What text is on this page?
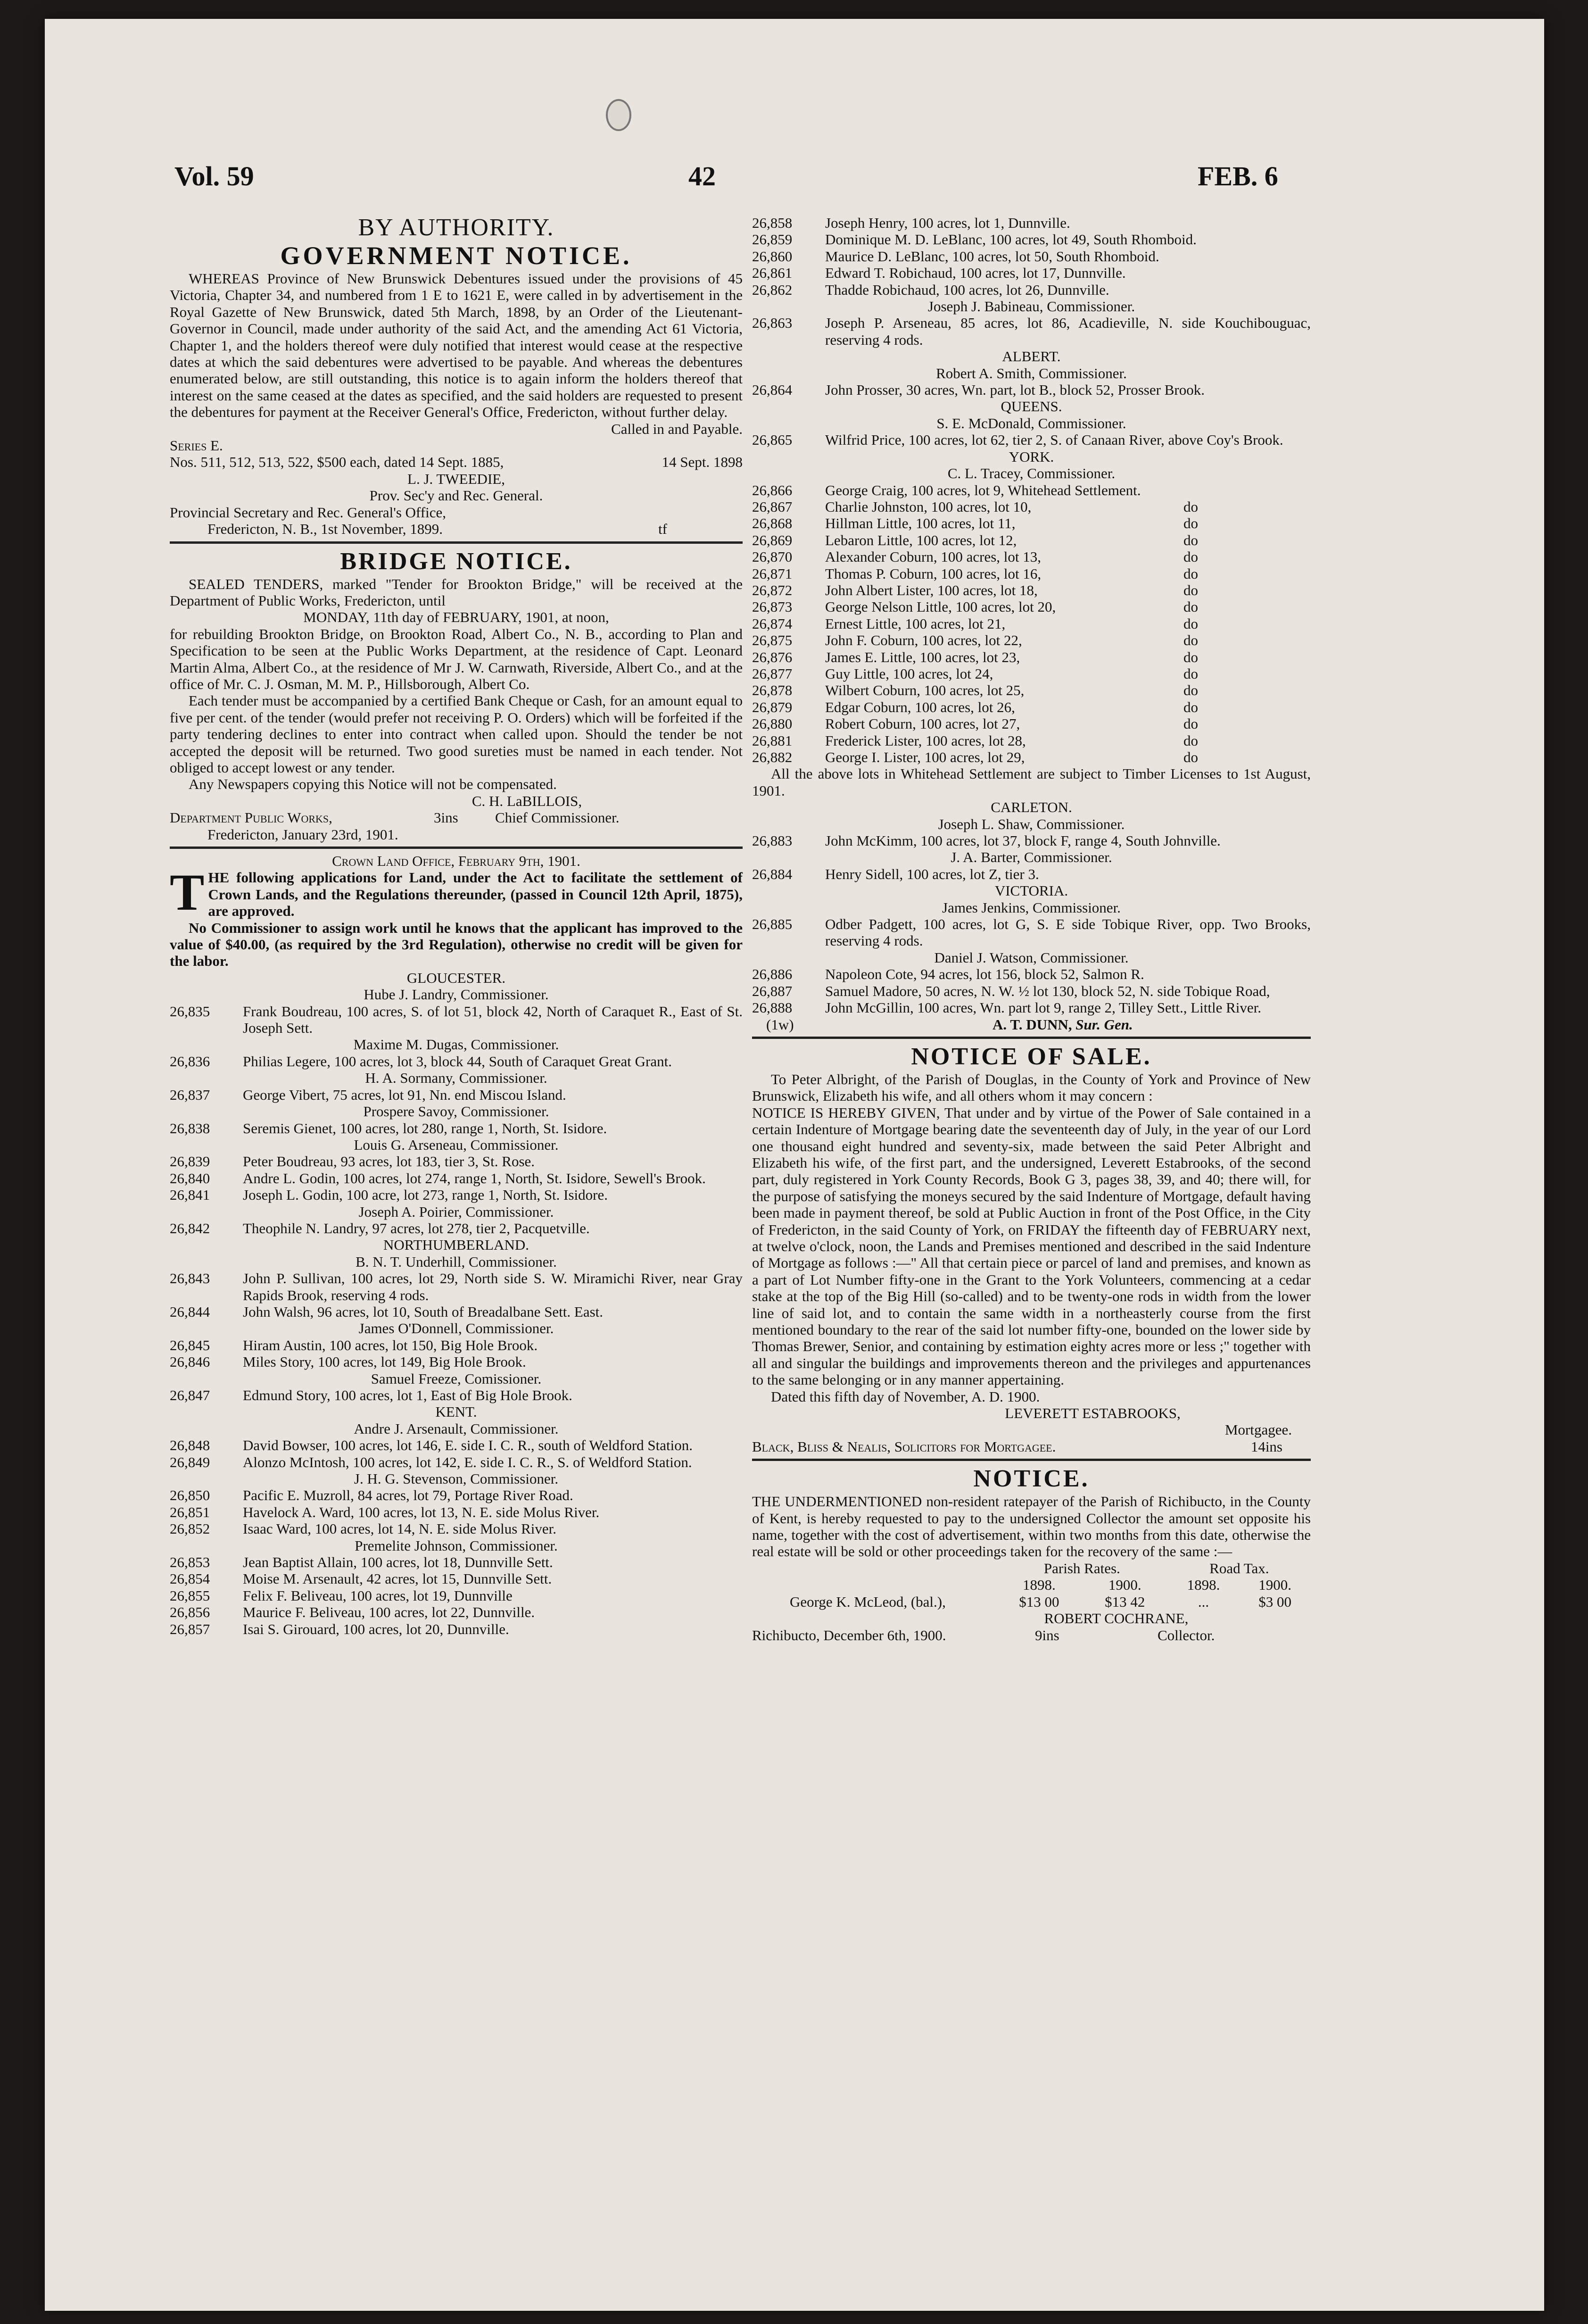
Vol. 59	42	FEB. 6

BY AUTHORITY.

GOVERNMENT NOTICE.

WHEREAS Province of New Brunswick Debentures issued under the provisions of 45 Victoria, Chapter 34, and numbered from 1 E to 1621 E, were called in by advertisement in the Royal Gazette of New Brunswick, dated 5th March, 1898, by an Order of the Lieutenant-Governor in Council, made under authority of the said Act, and the amending Act 61 Victoria, Chapter 1, and the holders thereof were duly notified that interest would cease at the respective dates at which the said debentures were advertised to be payable. And whereas the debentures enumerated below, are still outstanding, this notice is to again inform the holders thereof that interest on the same ceased at the dates as specified, and the said holders are requested to present the debentures for payment at the Receiver General's Office, Fredericton, without further delay.

Called in and Payable.

Series E.

Nos. 511, 512, 513, 522, $500 each, dated 14 Sept. 1885,	14 Sept. 1898

L. J. TWEEDIE,

Prov. Sec'y and Rec. General.

Provincial Secretary and Rec. General's Office,

Fredericton, N. B., 1st November, 1899.	tf

BRIDGE NOTICE.

SEALED TENDERS, marked "Tender for Brookton Bridge," will be received at the Department of Public Works, Fredericton, until

MONDAY, 11th day of FEBRUARY, 1901, at noon,

for rebuilding Brookton Bridge, on Brookton Road, Albert Co., N. B., according to Plan and Specification to be seen at the Public Works Department, at the residence of Capt. Leonard Martin Alma, Albert Co., at the residence of Mr J. W. Carnwath, Riverside, Albert Co., and at the office of Mr. C. J. Osman, M. M. P., Hillsborough, Albert Co.

Each tender must be accompanied by a certified Bank Cheque or Cash, for an amount equal to five per cent. of the tender (would prefer not receiving P. O. Orders) which will be forfeited if the party tendering declines to enter into contract when called upon. Should the tender be not accepted the deposit will be returned. Two good sureties must be named in each tender. Not obliged to accept lowest or any tender.

Any Newspapers copying this Notice will not be compensated.

C. H. LaBILLOIS,

Department Public Works,	3ins	Chief Commissioner.

Fredericton, January 23rd, 1901.

Crown Land Office, February 9th, 1901.

THE following applications for Land, under the Act to facilitate the settlement of Crown Lands, and the Regulations thereunder, (passed in Council 12th April, 1875), are approved.

No Commissioner to assign work until he knows that the applicant has improved to the value of $40.00, (as required by the 3rd Regulation), otherwise no credit will be given for the labor.

GLOUCESTER.

Hube J. Landry, Commissioner.

26,835	Frank Boudreau, 100 acres, S. of lot 51, block 42, North of Caraquet R., East of St. Joseph Sett.

Maxime M. Dugas, Commissioner.

26,836	Philias Legere, 100 acres, lot 3, block 44, South of Caraquet Great Grant.

H. A. Sormany, Commissioner.

26,837	George Vibert, 75 acres, lot 91, Nn. end Miscou Island.

Prospere Savoy, Commissioner.

26,838	Seremis Gienet, 100 acres, lot 280, range 1, North, St. Isidore.

Louis G. Arseneau, Commissioner.

26,839	Peter Boudreau, 93 acres, lot 183, tier 3, St. Rose.
26,840	Andre L. Godin, 100 acres, lot 274, range 1, North, St. Isidore, Sewell's Brook.
26,841	Joseph L. Godin, 100 acre, lot 273, range 1, North, St. Isidore.

Joseph A. Poirier, Commissioner.

26,842	Theophile N. Landry, 97 acres, lot 278, tier 2, Pacquetville.

NORTHUMBERLAND.

B. N. T. Underhill, Commissioner.

26,843	John P. Sullivan, 100 acres, lot 29, North side S. W. Miramichi River, near Gray Rapids Brook, reserving 4 rods.
26,844	John Walsh, 96 acres, lot 10, South of Breadalbane Sett. East.

James O'Donnell, Commissioner.

26,845	Hiram Austin, 100 acres, lot 150, Big Hole Brook.
26,846	Miles Story, 100 acres, lot 149, Big Hole Brook.

Samuel Freeze, Comissioner.

26,847	Edmund Story, 100 acres, lot 1, East of Big Hole Brook.

KENT.

Andre J. Arsenault, Commissioner.

26,848	David Bowser, 100 acres, lot 146, E. side I. C. R., south of Weldford Station.
26,849	Alonzo McIntosh, 100 acres, lot 142, E. side I. C. R., S. of Weldford Station.

J. H. G. Stevenson, Commissioner.

26,850	Pacific E. Muzroll, 84 acres, lot 79, Portage River Road.
26,851	Havelock A. Ward, 100 acres, lot 13, N. E. side Molus River.
26,852	Isaac Ward, 100 acres, lot 14, N. E. side Molus River.

Premelite Johnson, Commissioner.

26,853	Jean Baptist Allain, 100 acres, lot 18, Dunnville Sett.
26,854	Moise M. Arsenault, 42 acres, lot 15, Dunnville Sett.
26,855	Felix F. Beliveau, 100 acres, lot 19, Dunnville
26,856	Maurice F. Beliveau, 100 acres, lot 22, Dunnville.
26,857	Isai S. Girouard, 100 acres, lot 20, Dunnville.
26,858	Joseph Henry, 100 acres, lot 1, Dunnville.
26,859	Dominique M. D. LeBlanc, 100 acres, lot 49, South Rhomboid.
26,860	Maurice D. LeBlanc, 100 acres, lot 50, South Rhomboid.
26,861	Edward T. Robichaud, 100 acres, lot 17, Dunnville.
26,862	Thadde Robichaud, 100 acres, lot 26, Dunnville.

Joseph J. Babineau, Commissioner.

26,863	Joseph P. Arseneau, 85 acres, lot 86, Acadieville, N. side Kouchibouguac, reserving 4 rods.

ALBERT.

Robert A. Smith, Commissioner.

26,864	John Prosser, 30 acres, Wn. part, lot B., block 52, Prosser Brook.

QUEENS.

S. E. McDonald, Commissioner.

26,865	Wilfrid Price, 100 acres, lot 62, tier 2, S. of Canaan River, above Coy's Brook.

YORK.

C. L. Tracey, Commissioner.

26,866	George Craig, 100 acres, lot 9, Whitehead Settlement.
26,867	Charlie Johnston, 100 acres, lot 10,	do
26,868	Hillman Little, 100 acres, lot 11,	do
26,869	Lebaron Little, 100 acres, lot 12,	do
26,870	Alexander Coburn, 100 acres, lot 13,	do
26,871	Thomas P. Coburn, 100 acres, lot 16,	do
26,872	John Albert Lister, 100 acres, lot 18,	do
26,873	George Nelson Little, 100 acres, lot 20,	do
26,874	Ernest Little, 100 acres, lot 21,	do
26,875	John F. Coburn, 100 acres, lot 22,	do
26,876	James E. Little, 100 acres, lot 23,	do
26,877	Guy Little, 100 acres, lot 24,	do
26,878	Wilbert Coburn, 100 acres, lot 25,	do
26,879	Edgar Coburn, 100 acres, lot 26,	do
26,880	Robert Coburn, 100 acres, lot 27,	do
26,881	Frederick Lister, 100 acres, lot 28,	do
26,882	George I. Lister, 100 acres, lot 29,	do

All the above lots in Whitehead Settlement are subject to Timber Licenses to 1st August, 1901.

CARLETON.

Joseph L. Shaw, Commissioner.

26,883	John McKimm, 100 acres, lot 37, block F, range 4, South Johnville.

J. A. Barter, Commissioner.

26,884	Henry Sidell, 100 acres, lot Z, tier 3.

VICTORIA.

James Jenkins, Commissioner.

26,885	Odber Padgett, 100 acres, lot G, S. E side Tobique River, opp. Two Brooks, reserving 4 rods.

Daniel J. Watson, Commissioner.

26,886	Napoleon Cote, 94 acres, lot 156, block 52, Salmon R.
26,887	Samuel Madore, 50 acres, N. W. ½ lot 130, block 52, N. side Tobique Road,
26,888	John McGillin, 100 acres, Wn. part lot 9, range 2, Tilley Sett., Little River.
(1w)	A. T. DUNN, Sur. Gen.

NOTICE OF SALE.

To Peter Albright, of the Parish of Douglas, in the County of York and Province of New Brunswick, Elizabeth his wife, and all others whom it may concern :

NOTICE IS HEREBY GIVEN, That under and by virtue of the Power of Sale contained in a certain Indenture of Mortgage bearing date the seventeenth day of July, in the year of our Lord one thousand eight hundred and seventy-six, made between the said Peter Albright and Elizabeth his wife, of the first part, and the undersigned, Leverett Estabrooks, of the second part, duly registered in York County Records, Book G 3, pages 38, 39, and 40; there will, for the purpose of satisfying the moneys secured by the said Indenture of Mortgage, default having been made in payment thereof, be sold at Public Auction in front of the Post Office, in the City of Fredericton, in the said County of York, on FRIDAY the fifteenth day of FEBRUARY next, at twelve o'clock, noon, the Lands and Premises mentioned and described in the said Indenture of Mortgage as follows :—" All that certain piece or parcel of land and premises, and known as a part of Lot Number fifty-one in the Grant to the York Volunteers, commencing at a cedar stake at the top of the Big Hill (so-called) and to be twenty-one rods in width from the lower line of said lot, and to contain the same width in a northeasterly course from the first mentioned boundary to the rear of the said lot number fifty-one, bounded on the lower side by Thomas Brewer, Senior, and containing by estimation eighty acres more or less ;" together with all and singular the buildings and improvements thereon and the privileges and appurtenances to the same belonging or in any manner appertaining.

Dated this fifth day of November, A. D. 1900.

LEVERETT ESTABROOKS,

Mortgagee.

Black, Bliss & Nealis, Solicitors for Mortgagee.	14ins

NOTICE.

THE UNDERMENTIONED non-resident ratepayer of the Parish of Richibucto, in the County of Kent, is hereby requested to pay to the undersigned Collector the amount set opposite his name, together with the cost of advertisement, within two months from this date, otherwise the real estate will be sold or other proceedings taken for the recovery of the same :—

	Parish Rates.		Road Tax.	
	1898.	1900.	1898.	1900.
George K. McLeod, (bal.),	$13 00	$13 42	...	$3 00

ROBERT COCHRANE,

Richibucto, December 6th, 1900.	9ins	Collector.
